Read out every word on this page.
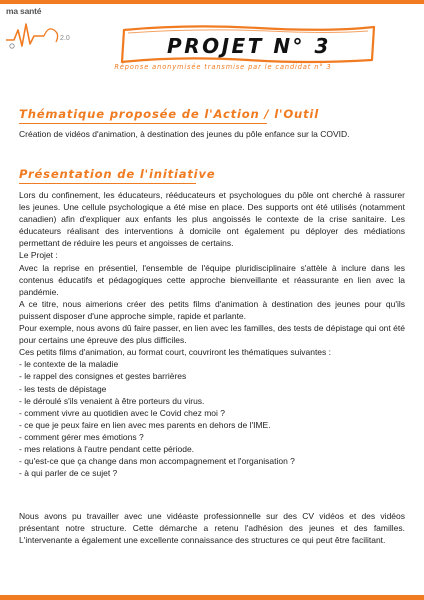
ma santé
2.0	PROJET N° 3
Réponse anonymisée transmise par le candidat n° 3
Thématique proposée de l'Action / l'Outil
Création de vidéos d'animation, à destination des jeunes du pôle enfance sur la COVID.
Présentation de l'initiative
Lors du confinement, les éducateurs, rééducateurs et psychologues du pôle ont cherché à rassurer les jeunes. Une cellule psychologique a été mise en place. Des supports ont été utilisés (notamment canadien) afin d'expliquer aux enfants les plus angoissés le contexte de la crise sanitaire. Les éducateurs réalisant des interventions à domicile ont également pu déployer des médiations permettant de réduire les peurs et angoisses de certains.
Le Projet :
Avec la reprise en présentiel, l'ensemble de l'équipe pluridisciplinaire s'attèle à inclure dans les contenus éducatifs et pédagogiques cette approche bienveillante et réassurante en lien avec la pandémie.
A ce titre, nous aimerions créer des petits films d'animation à destination des jeunes pour qu'ils puissent disposer d'une approche simple, rapide et parlante.
Pour exemple, nous avons dû faire passer, en lien avec les familles, des tests de dépistage qui ont été pour certains une épreuve des plus difficiles.
Ces petits films d'animation, au format court, couvriront les thématiques suivantes :
- le contexte de la maladie
- le rappel des consignes et gestes barrières
- les tests de dépistage
- le déroulé s'ils venaient à être porteurs du virus.
- comment vivre au quotidien avec le Covid chez moi ?
- ce que je peux faire en lien avec mes parents en dehors de l'IME.
- comment gérer mes émotions ?
- mes relations à l'autre pendant cette période.
- qu'est-ce que ça change dans mon accompagnement et l'organisation ?
- à qui parler de ce sujet ?
Nous avons pu travailler avec une vidéaste professionnelle sur des CV vidéos et des vidéos présentant notre structure. Cette démarche a retenu l'adhésion des jeunes et des familles. L'intervenante a également une excellente connaissance des structures ce qui peut être facilitant.
